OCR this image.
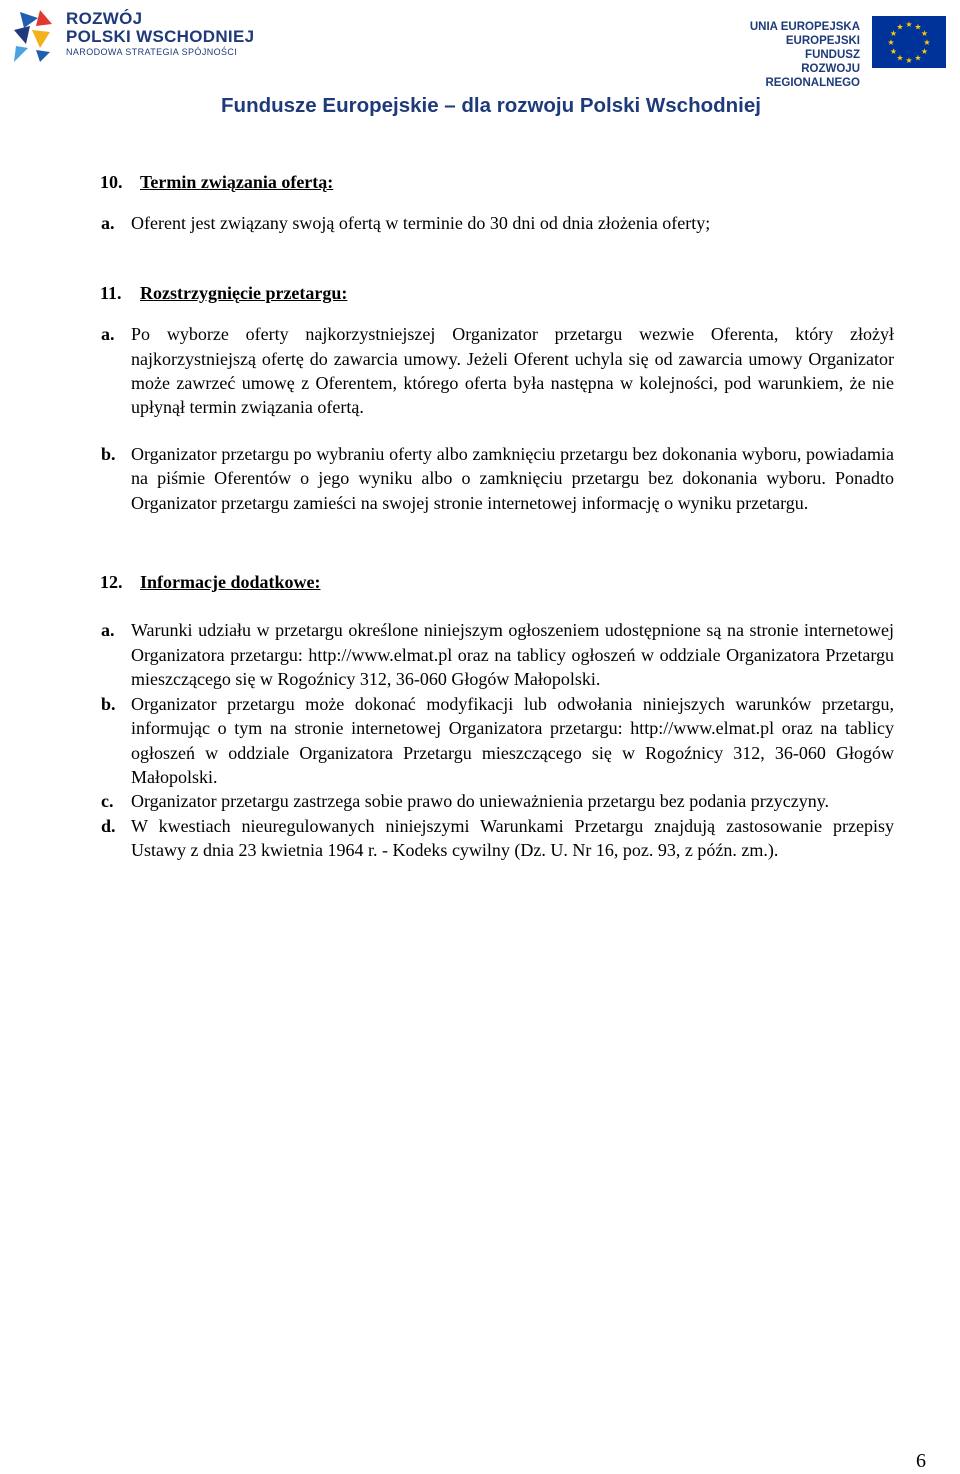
ROZWÓJ
POLSKI WSCHODNIEJ
NARODOWA STRATEGIA SPÓJNOŚCI
UNIA EUROPEJSKA
EUROPEJSKI FUNDUSZ
ROZWOJU REGIONALNEGO
★ ★
★
★
★
★
★
★
★
★
★
★
Fundusze Europejskie – dla rozwoju Polski Wschodniej
10. Termin związania ofertą:
a. Oferent jest związany swoją ofertą w terminie do 30 dni od dnia złożenia oferty;
11.	Rozstrzygnięcie przetargu:
a. Po wyborze oferty najkorzystniejszej Organizator przetargu wezwie Oferenta, który złożył najkorzystniejszą ofertę do zawarcia umowy. Jeżeli Oferent uchyla się od zawarcia umowy Organizator może zawrzeć umowę z Oferentem, którego oferta była następna w kolejności, pod warunkiem, że nie upłynął termin związania ofertą.
b. Organizator przetargu po wybraniu oferty albo zamknięciu przetargu bez dokonania wyboru, powiadamia na piśmie Oferentów o jego wyniku albo o zamknięciu przetargu bez dokonania wyboru. Ponadto Organizator przetargu zamieści na swojej stronie internetowej informację o wyniku przetargu.
12. Informacje dodatkowe:
a. Warunki udziału w przetargu określone niniejszym ogłoszeniem udostępnione są na stronie internetowej Organizatora przetargu: http://www.elmat.pl oraz na tablicy ogłoszeń w oddziale Organizatora Przetargu mieszczącego się w Rogoźnicy 312, 36-060 Głogów Małopolski.
b. Organizator przetargu może dokonać modyfikacji lub odwołania niniejszych warunków przetargu, informując o tym na stronie internetowej Organizatora przetargu: http://www.elmat.pl oraz na tablicy ogłoszeń w oddziale Organizatora Przetargu mieszczącego się w Rogoźnicy 312, 36-060 Głogów Małopolski.
c. Organizator przetargu zastrzega sobie prawo do unieważnienia przetargu bez podania przyczyny.
d. W kwestiach nieuregulowanych niniejszymi Warunkami Przetargu znajdują zastosowanie przepisy Ustawy z dnia 23 kwietnia 1964 r. - Kodeks cywilny (Dz. U. Nr 16, poz. 93, z późn. zm.).
6
